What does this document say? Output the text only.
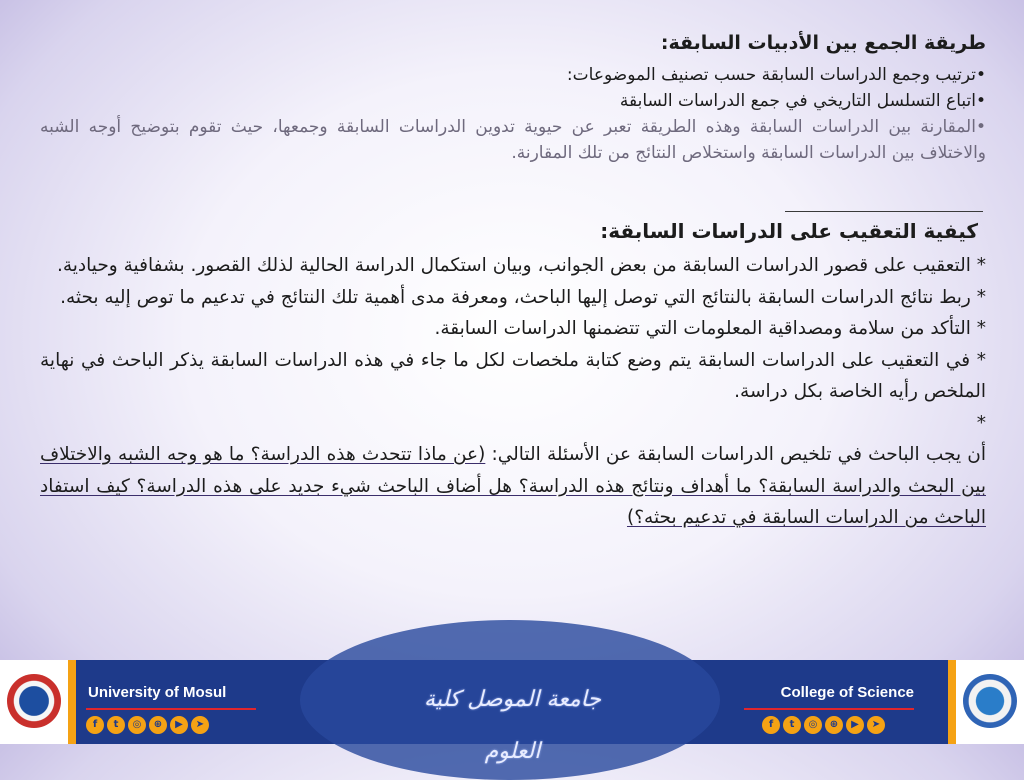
طريقة الجمع بين الأدبيات السابقة:

•ترتيب وجمع الدراسات السابقة حسب تصنيف الموضوعات:

•اتباع التسلسل التاريخي في جمع الدراسات السابقة

•المقارنة بين الدراسات السابقة وهذه الطريقة تعبر عن حيوية تدوين الدراسات السابقة وجمعها، حيث تقوم بتوضيح أوجه الشبه والاختلاف بين الدراسات السابقة واستخلاص النتائج من تلك المقارنة.

كيفية التعقيب على الدراسات السابقة:

* التعقيب على قصور الدراسات السابقة من بعض الجوانب، وبيان استكمال الدراسة الحالية لذلك القصور. بشفافية وحيادية.

* ربط نتائج الدراسات السابقة بالنتائج التي توصل إليها الباحث، ومعرفة مدى أهمية تلك النتائج في تدعيم ما توص إليه بحثه.

* التأكد من سلامة ومصداقية المعلومات التي تتضمنها الدراسات السابقة.

* في التعقيب على الدراسات السابقة يتم وضع كتابة ملخصات لكل ما جاء في هذه الدراسات السابقة يذكر الباحث في نهاية الملخص رأيه الخاصة بكل دراسة.

*

أن يجب الباحث في تلخيص الدراسات السابقة عن الأسئلة التالي: (عن ماذا تتحدث هذه الدراسة؟ ما هو وجه الشبه والاختلاف بين البحث والدراسة السابقة؟ ما أهداف ونتائج هذه الدراسة؟ هل أضاف الباحث شيء جديد على هذه الدراسة؟ كيف استفاد الباحث من الدراسات السابقة في تدعيم بحثه؟)

University of Mosul
f	t	◎	⊕	▶	➤
جامعة الموصل كلية العلوم
College of Science
f	t	◎	⊕	▶	➤
